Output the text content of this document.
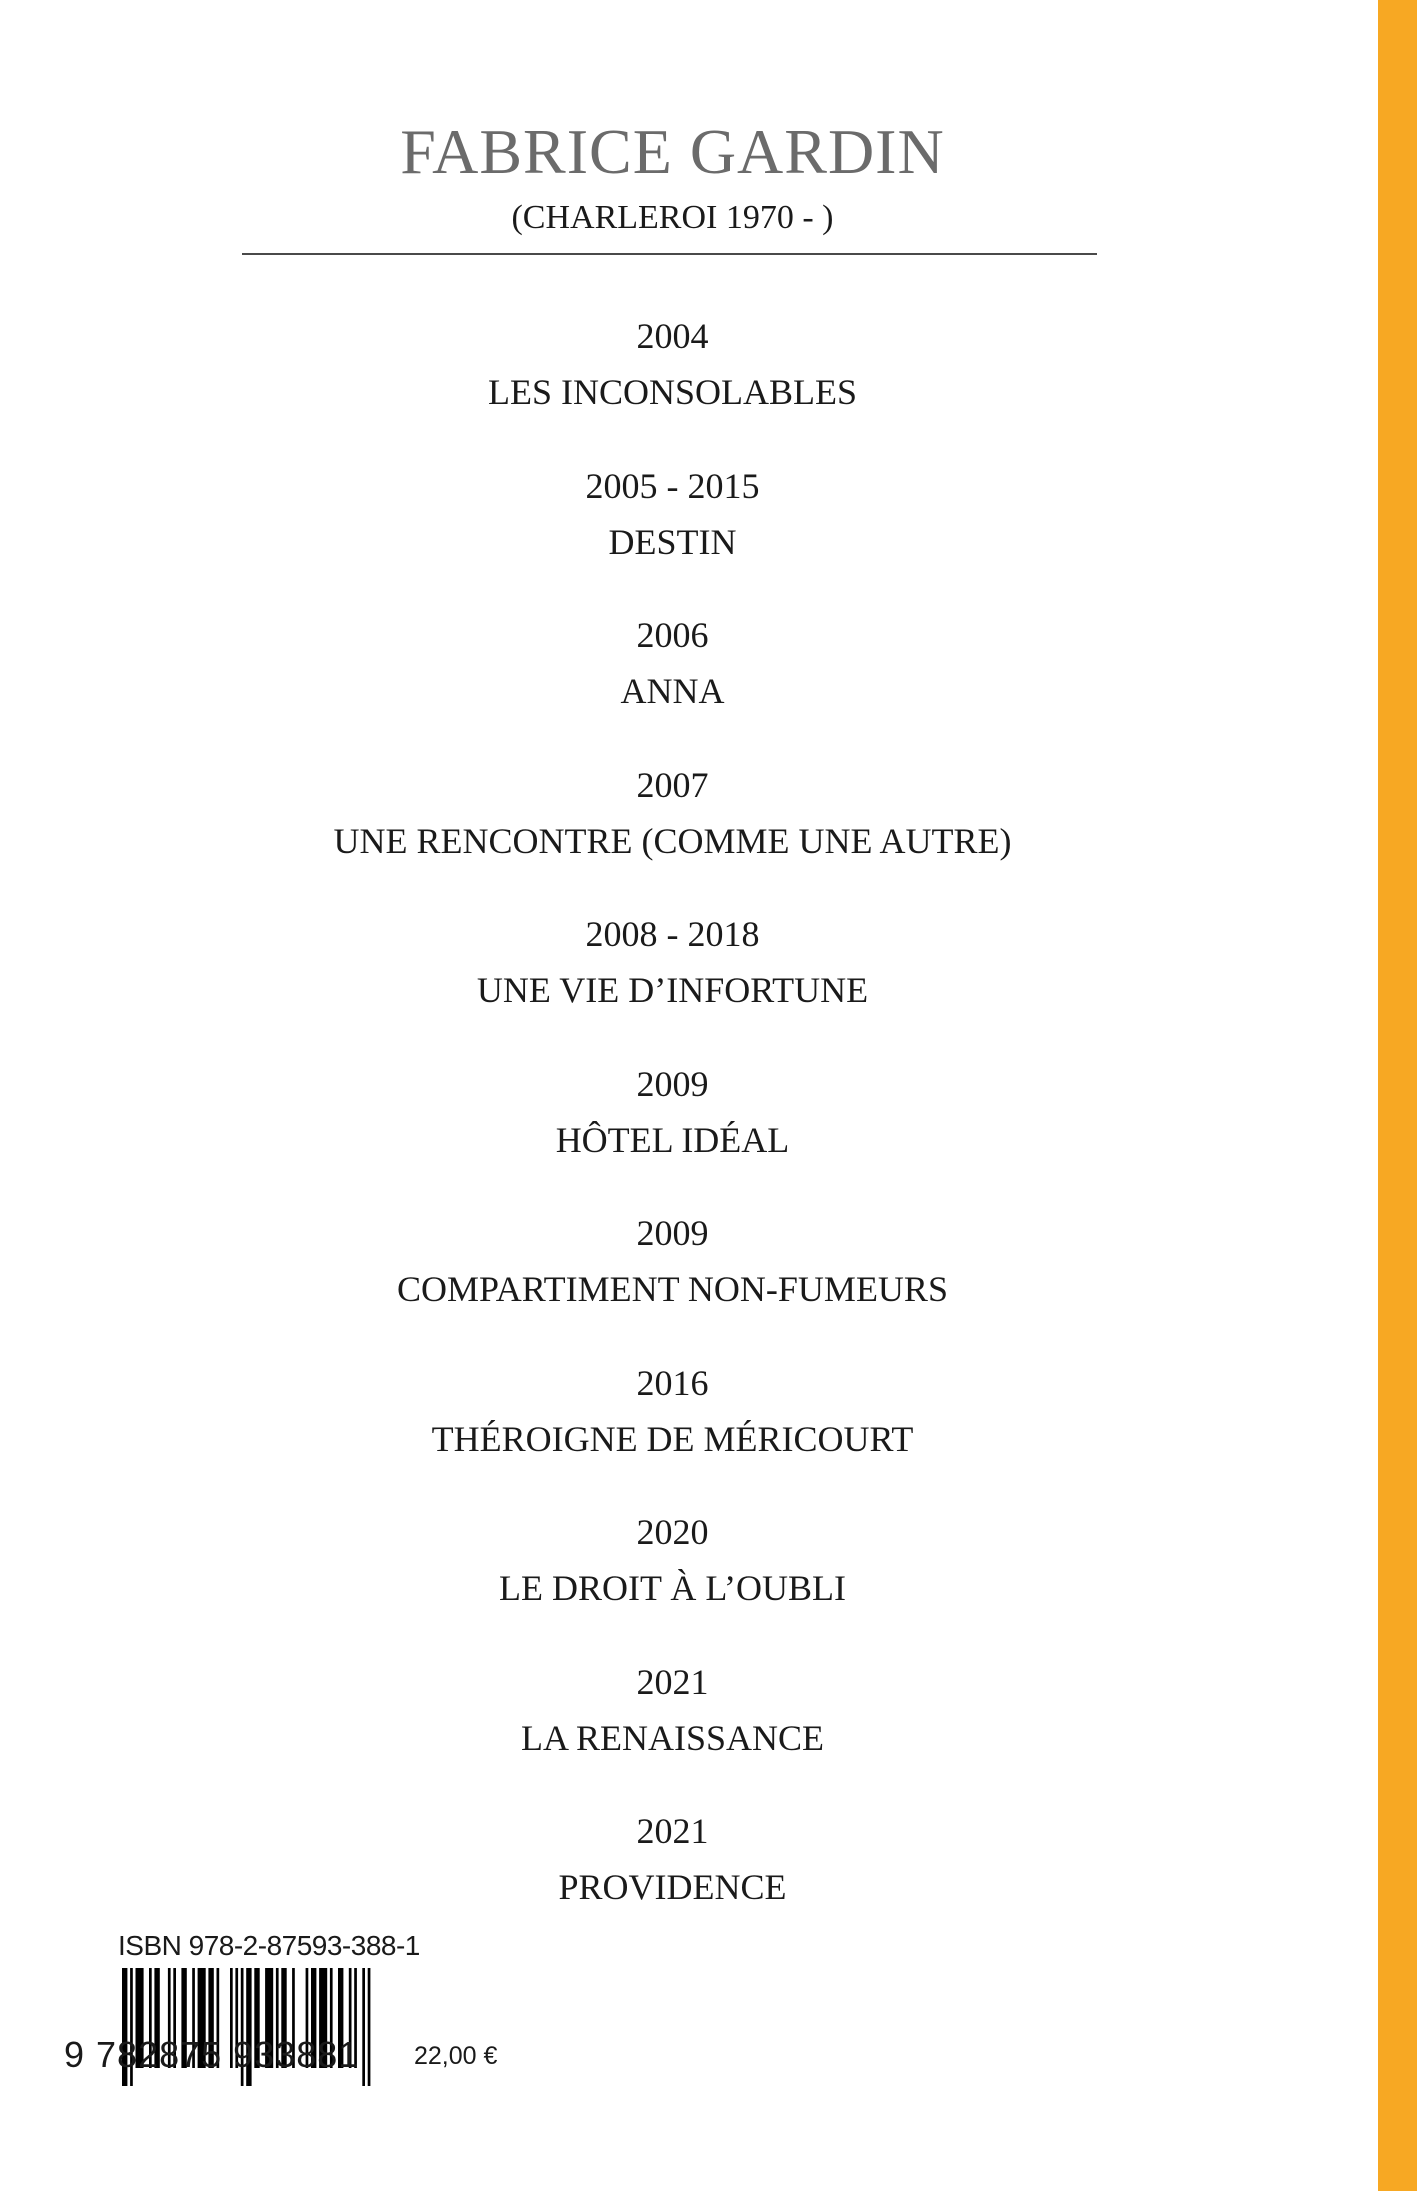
FABRICE GARDIN
(CHARLEROI 1970 - )
2004
LES INCONSOLABLES
2005 - 2015
DESTIN
2006
ANNA
2007
UNE RENCONTRE (COMME UNE AUTRE)
2008 - 2018
UNE VIE D’INFORTUNE
2009
HÔTEL IDÉAL
2009
COMPARTIMENT NON-FUMEURS
2016
THÉROIGNE DE MÉRICOURT
2020
LE DROIT À L’OUBLI
2021
LA RENAISSANCE
2021
PROVIDENCE
ISBN 978-2-87593-388-1
9 782875 933881 22,00 €
